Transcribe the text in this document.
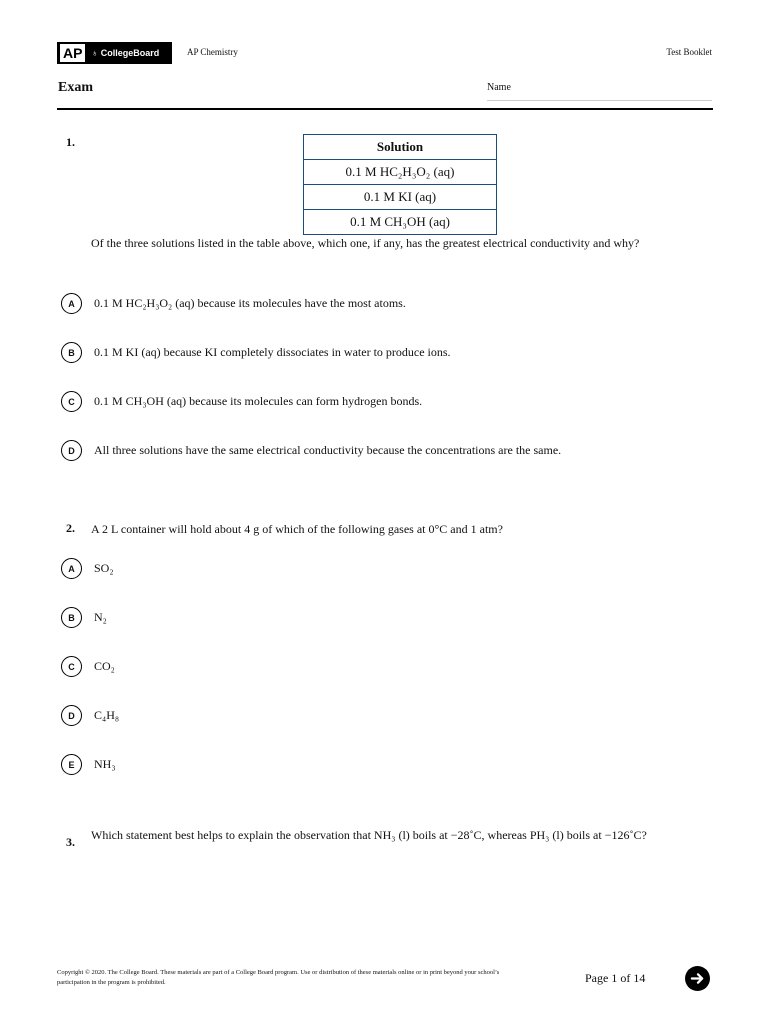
AP	♁ CollegeBoard	AP Chemistry	Test Booklet
Exam	Name
1.	Solution
0.1 M HC₂H₃O₂ (aq)
0.1 M KI (aq)
0.1 M CH₃OH (aq)
Of the three solutions listed in the table above, which one, if any, has the greatest electrical conductivity and why?
A	0.1 M HC₂H₃O₂ (aq) because its molecules have the most atoms.
B	0.1 M KI (aq) because KI completely dissociates in water to produce ions.
C	0.1 M CH₃OH (aq) because its molecules can form hydrogen bonds.
D	All three solutions have the same electrical conductivity because the concentrations are the same.
2. A 2 L container will hold about 4 g of which of the following gases at 0°C and 1 atm?
A	SO₂
B	N₂
C	CO₂
D	C₄H₈
E	NH₃
3. Which statement best helps to explain the observation that NH₃ (l) boils at −28˚C, whereas PH₃ (l) boils at −126˚C?
Copyright © 2020. The College Board. These materials are part of a College Board program. Use or distribution of these materials online or in print beyond your school’s participation in the program is prohibited.	Page 1 of 14
